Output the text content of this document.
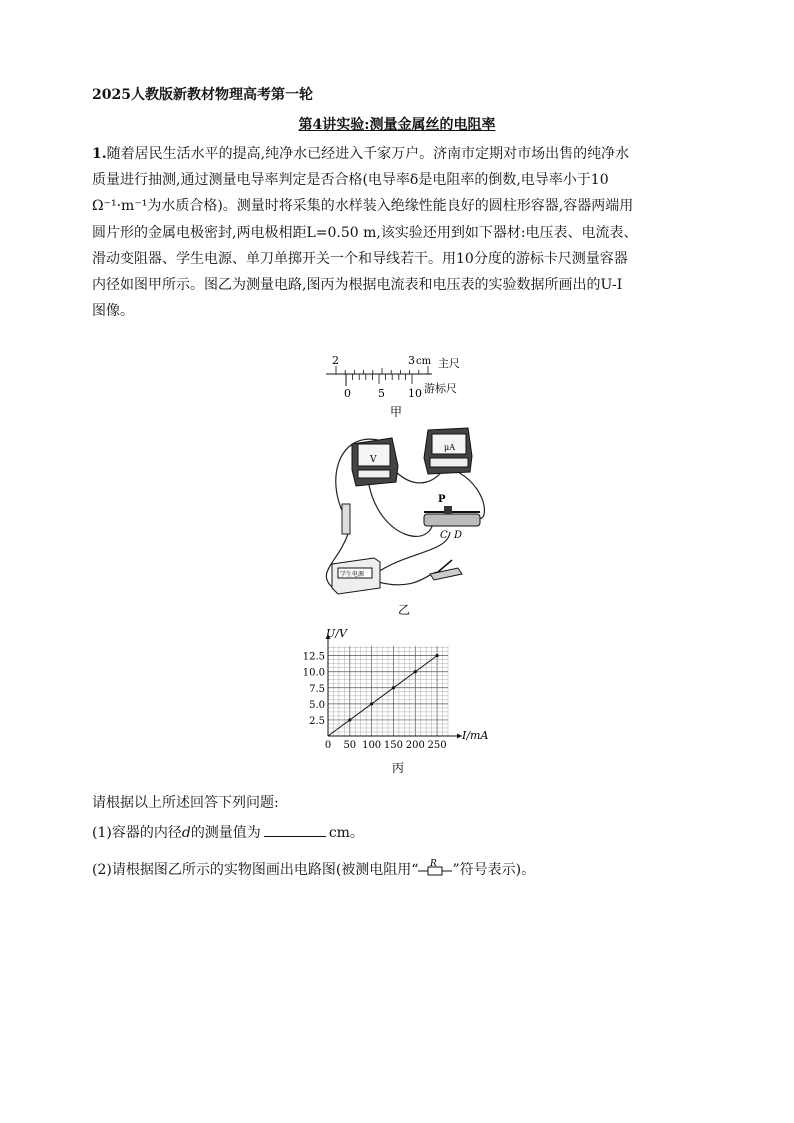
2025人教版新教材物理高考第一轮
第4讲实验:测量金属丝的电阻率
1.随着居民生活水平的提高,纯净水已经进入千家万户。济南市定期对市场出售的纯净水
质量进行抽测,通过测量电导率判定是否合格(电导率δ是电阻率的倒数,电导率小于10
Ω⁻¹·m⁻¹为水质合格)。测量时将采集的水样装入绝缘性能良好的圆柱形容器,容器两端用
圆片形的金属电极密封,两电极相距L=0.50 m,该实验还用到如下器材:电压表、电流表、
滑动变阻器、学生电源、单刀单掷开关一个和导线若干。用10分度的游标卡尺测量容器
内径如图甲所示。图乙为测量电路,图丙为根据电流表和电压表的实验数据所画出的U-I
图像。
2	3 cm 主尺
0 5 10 游标尺
甲
V
μA
P
C D
学生电源
乙
2.5
5.0
7.5
10.0
12.5
0 50 100 150 200 250
U/V
I/mA
丙
请根据以上所述回答下列问题:
(1)容器的内径d的测量值为	cm。
(2)请根据图乙所示的实物图画出电路图(被测电阻用“ R ”符号表示)。
